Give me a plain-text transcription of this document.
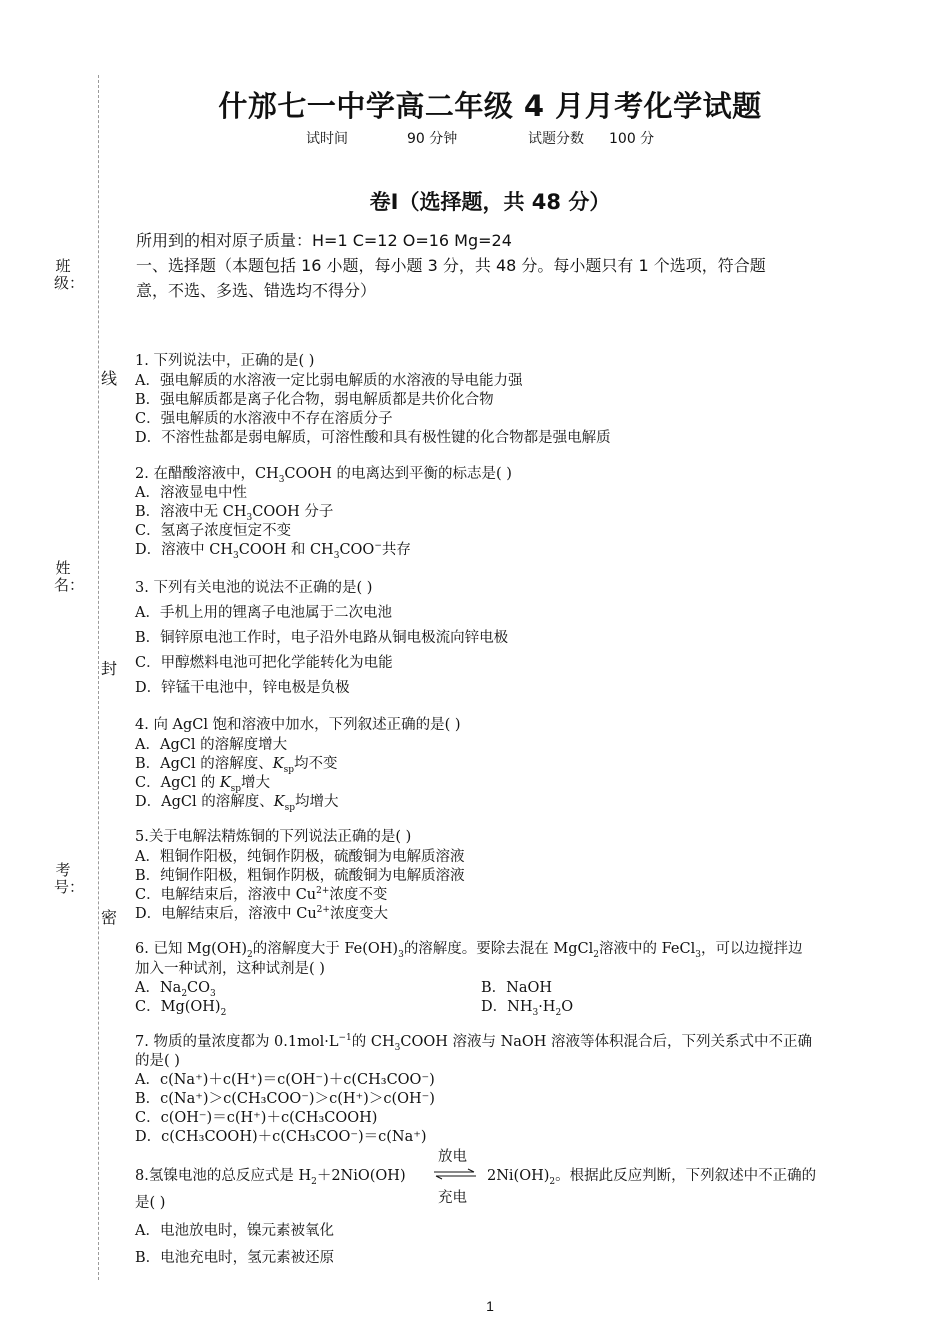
班级：
姓名：
考号：
线
封
密
什邡七一中学高二年级 4 月月考化学试题
试时间	90 分钟	试题分数 100 分
卷Ⅰ（选择题，共 48 分）
所用到的相对原子质量：H=1 C=12 O=16 Mg=24
一、选择题（本题包括 16 小题，每小题 3 分，共 48 分。每小题只有 1 个选项，符合题
意，不选、多选、错选均不得分）
1. 下列说法中，正确的是( )
A．强电解质的水溶液一定比弱电解质的水溶液的导电能力强
B．强电解质都是离子化合物，弱电解质都是共价化合物
C．强电解质的水溶液中不存在溶质分子
D．不溶性盐都是弱电解质，可溶性酸和具有极性键的化合物都是强电解质
2. 在醋酸溶液中，$CH_3COOH$ 的电离达到平衡的标志是( )
A．溶液显电中性
B．溶液中无 $CH_3COOH$ 分子
C．氢离子浓度恒定不变
D．溶液中 $CH_3COOH$ 和 $CH_3COO^-$共存
3. 下列有关电池的说法不正确的是( )
A．手机上用的锂离子电池属于二次电池
B．铜锌原电池工作时，电子沿外电路从铜电极流向锌电极
C．甲醇燃料电池可把化学能转化为电能
D．锌锰干电池中，锌电极是负极
4. 向 AgCl 饱和溶液中加水，下列叙述正确的是( )
A．AgCl 的溶解度增大
B．AgCl 的溶解度、$K_{sp}$均不变
C．AgCl 的 $K_{sp}$增大
D．AgCl 的溶解度、$K_{sp}$均增大
5.关于电解法精炼铜的下列说法正确的是( )
A．粗铜作阳极，纯铜作阴极，硫酸铜为电解质溶液
B．纯铜作阳极，粗铜作阴极，硫酸铜为电解质溶液
C．电解结束后，溶液中 $Cu^{2+}$浓度不变
D．电解结束后，溶液中 $Cu^{2+}$浓度变大
6. 已知 $Mg(OH)_2$的溶解度大于 $Fe(OH)_3$的溶解度。要除去混在 MgCl$_2$溶液中的 FeCl$_3$，可以边搅拌边
加入一种试剂，这种试剂是( )
A．$Na_2CO_3$	B．NaOH
C．$Mg(OH)_2$	D．$NH_3\cdot H_2O$
7. 物质的量浓度都为 $0.1mol\cdot L^{-1}$的 $CH_3COOH$ 溶液与 NaOH 溶液等体积混合后，下列关系式中不正确
的是( )
A．c(Na⁺)＋c(H⁺)＝c(OH⁻)＋c(CH₃COO⁻)
B．c(Na⁺)＞c(CH₃COO⁻)＞c(H⁺)＞c(OH⁻)
C．c(OH⁻)＝c(H⁺)＋c(CH₃COOH)
D．c(CH₃COOH)＋c(CH₃COO⁻)＝c(Na⁺)
放电
8.氢镍电池的总反应式是 $H_2+2NiO(OH)$ ⇌ $2Ni(OH)_2$。根据此反应判断，下列叙述中不正确的
充电
是( )
A．电池放电时，镍元素被氧化
B．电池充电时，氢元素被还原
1
